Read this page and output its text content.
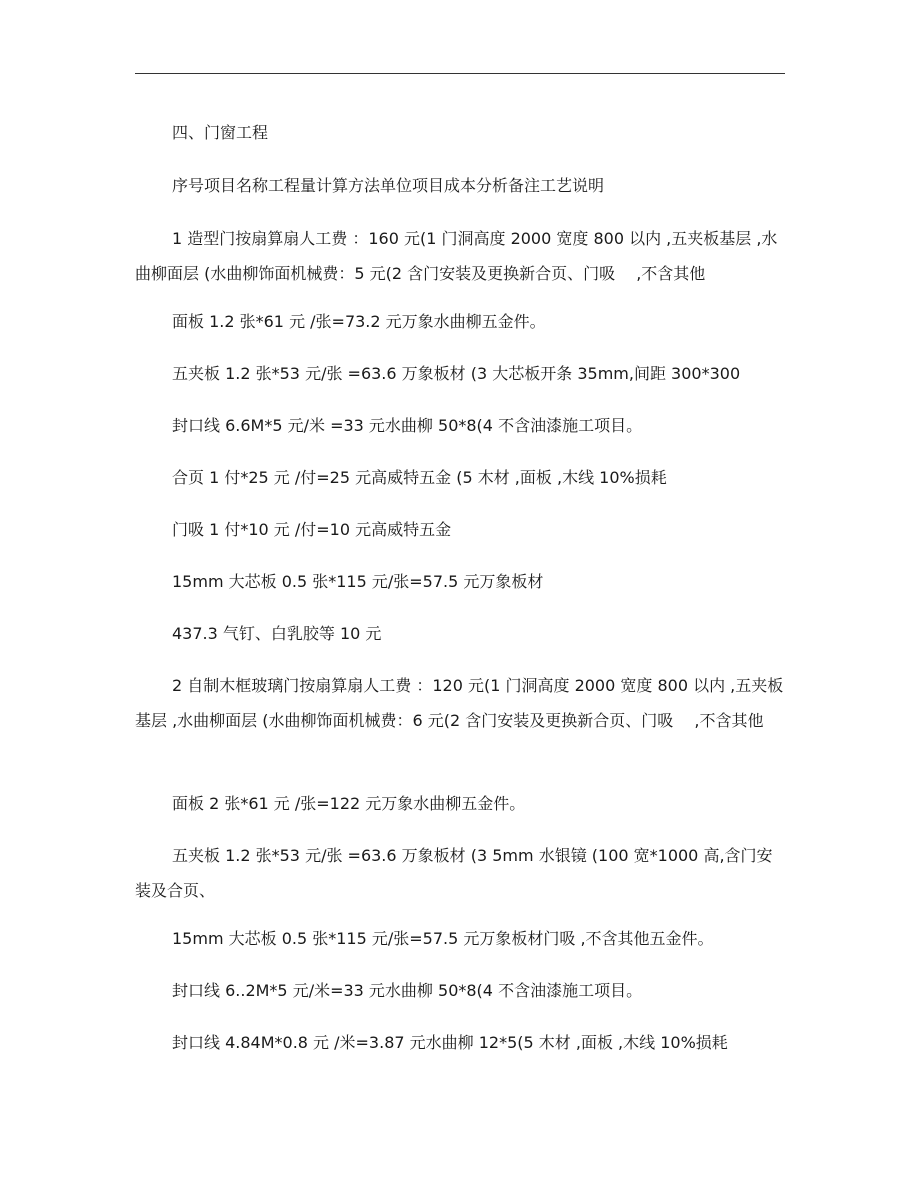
四、门窗工程

序号项目名称工程量计算方法单位项目成本分析备注工艺说明

1 造型门按扇算扇人工费 ：160 元(1 门洞高度 2000 宽度 800 以内 ,五夹板基层 ,水曲柳面层 (水曲柳饰面机械费：5 元(2 含门安装及更换新合页、门吸　 ,不含其他

面板 1.2 张*61 元 /张=73.2 元万象水曲柳五金件。

五夹板 1.2 张*53 元/张 =63.6 万象板材 (3 大芯板开条 35mm,间距 300*300

封口线 6.6M*5 元/米 =33 元水曲柳 50*8(4 不含油漆施工项目。

合页 1 付*25 元 /付=25 元高威特五金 (5 木材 ,面板 ,木线 10%损耗

门吸 1 付*10 元 /付=10 元高威特五金

15mm 大芯板 0.5 张*115 元/张=57.5 元万象板材

437.3 气钉、白乳胶等 10 元

2 自制木框玻璃门按扇算扇人工费 ：120 元(1 门洞高度 2000 宽度 800 以内 ,五夹板基层 ,水曲柳面层 (水曲柳饰面机械费：6 元(2 含门安装及更换新合页、门吸　 ,不含其他

面板 2 张*61 元 /张=122 元万象水曲柳五金件。

五夹板 1.2 张*53 元/张 =63.6 万象板材 (3 5mm 水银镜 (100 宽*1000 高,含门安装及合页、

15mm 大芯板 0.5 张*115 元/张=57.5 元万象板材门吸 ,不含其他五金件。

封口线 6..2M*5 元/米=33 元水曲柳 50*8(4 不含油漆施工项目。

封口线 4.84M*0.8 元 /米=3.87 元水曲柳 12*5(5 木材 ,面板 ,木线 10%损耗
